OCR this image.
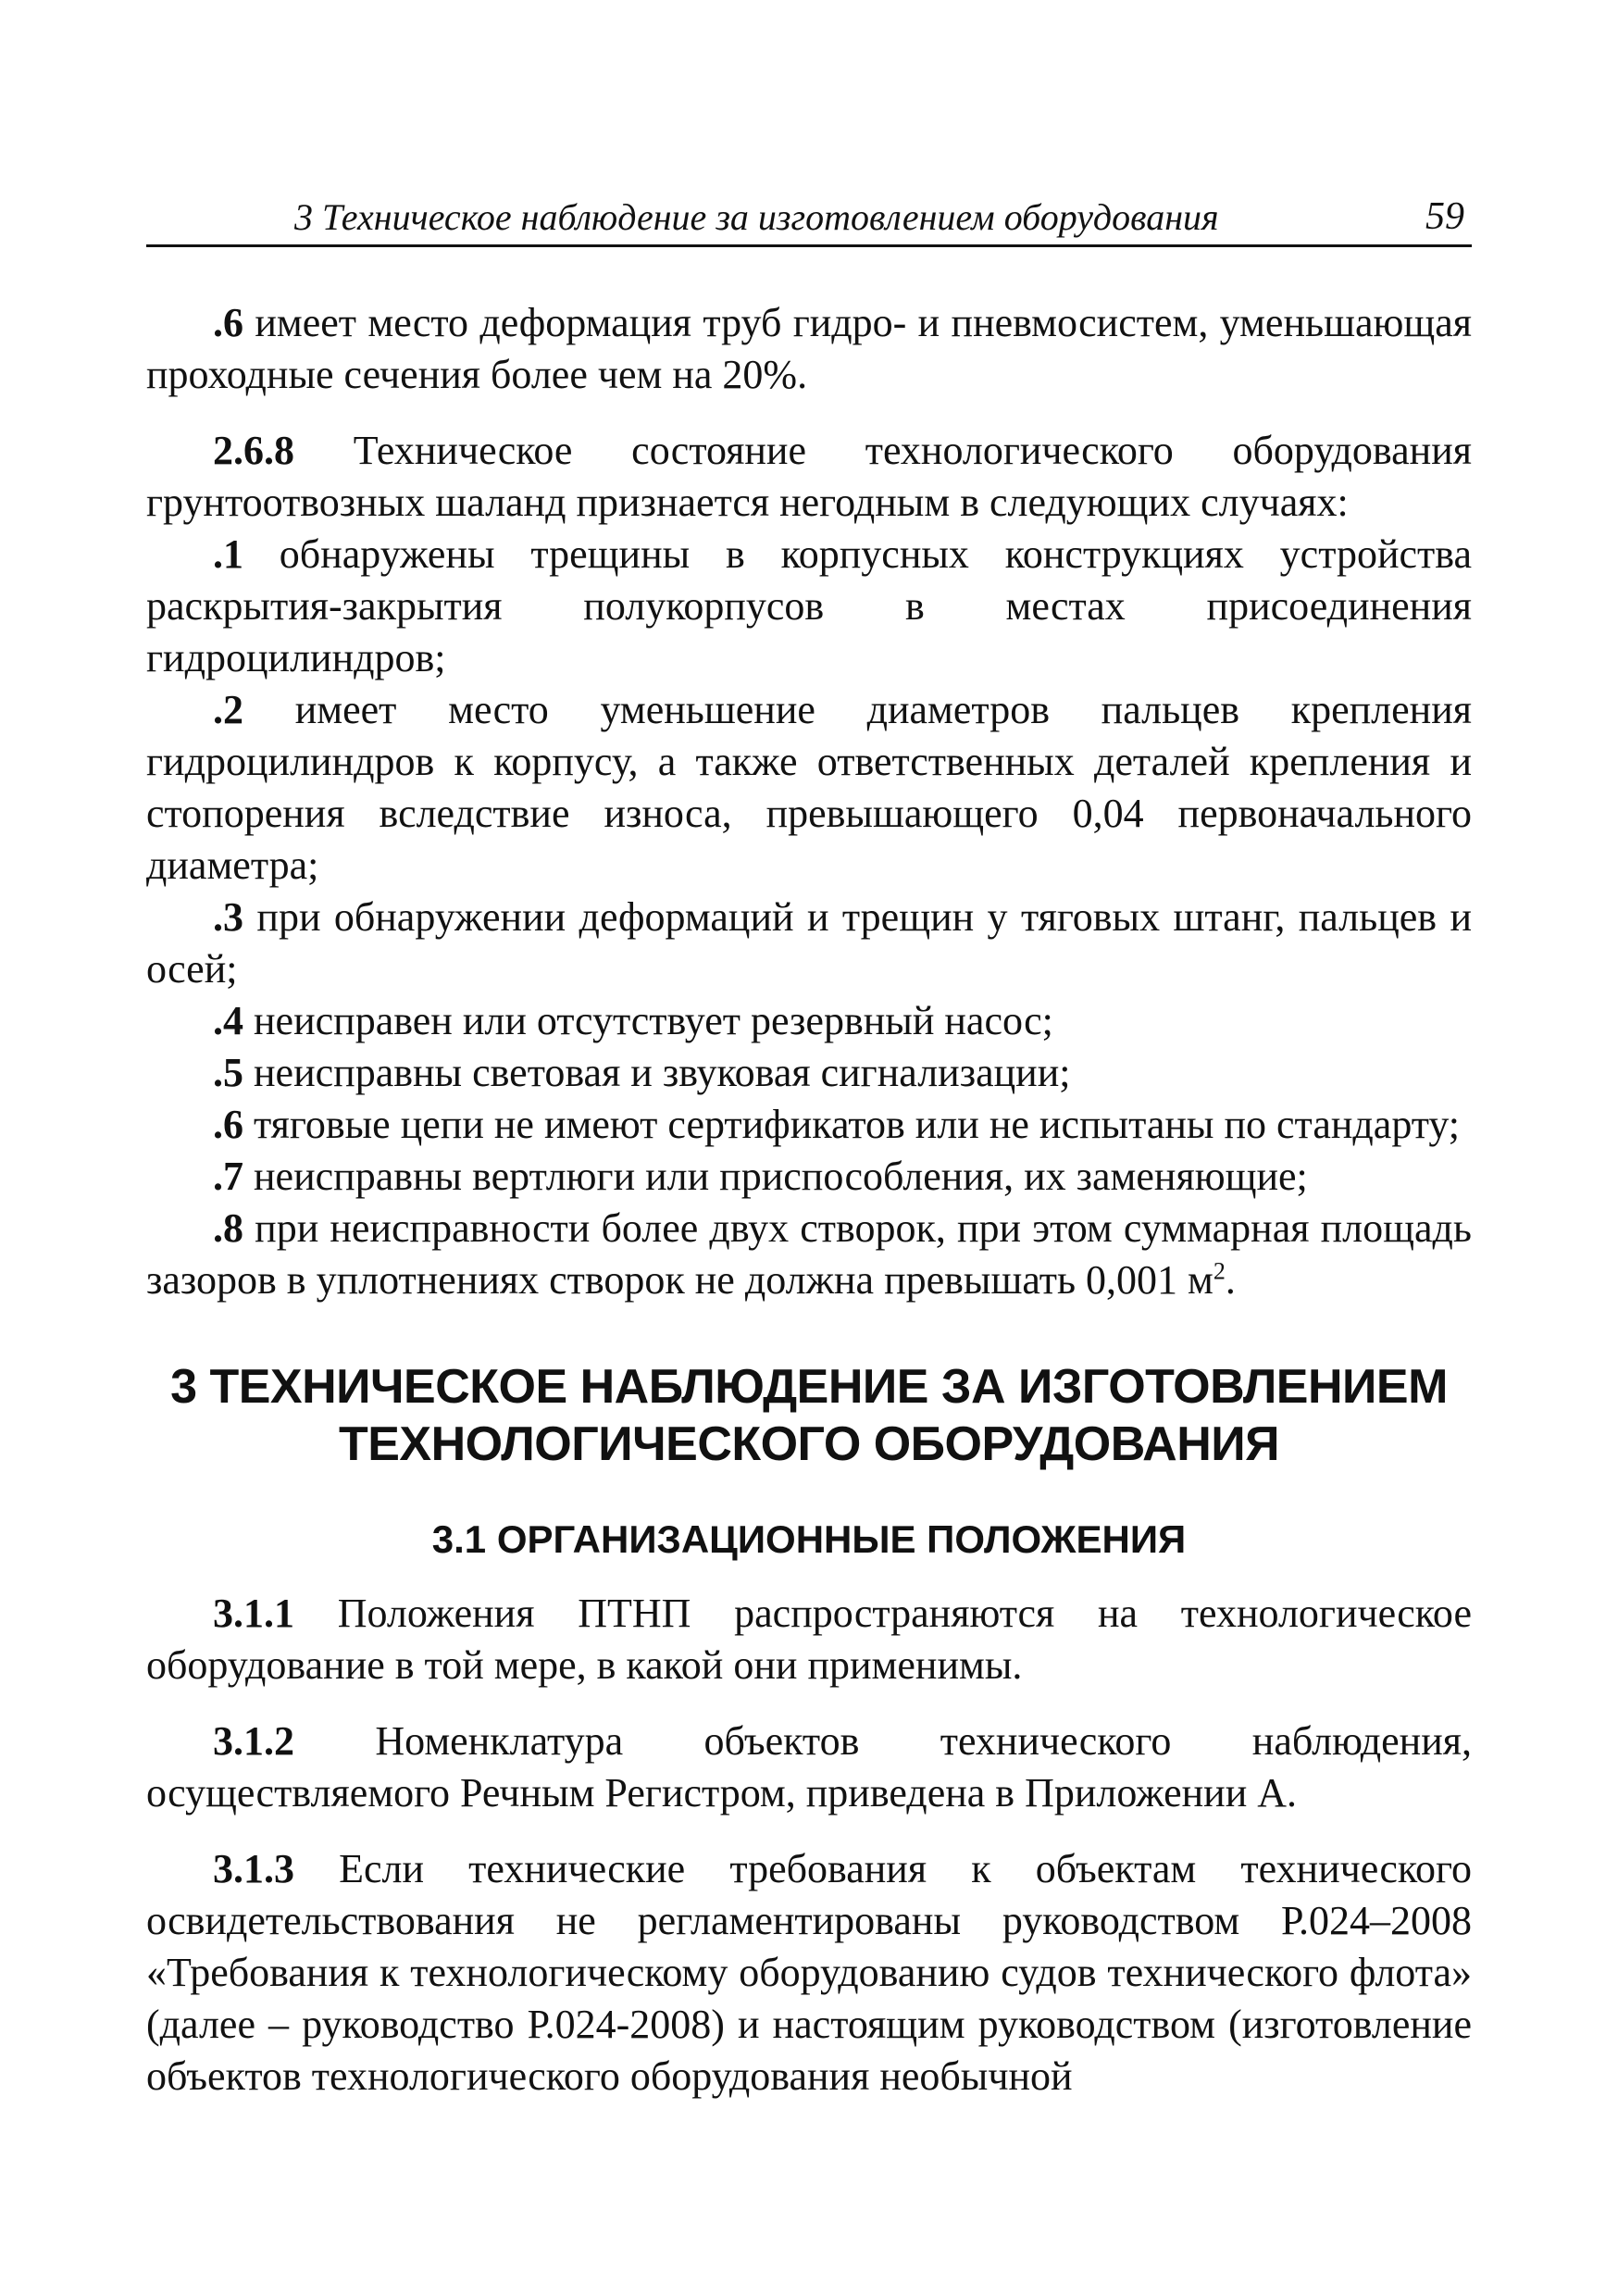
3 Техническое наблюдение за изготовлением оборудования	59

.6 имеет место деформация труб гидро- и пневмосистем, уменьшающая проходные сечения более чем на 20%.

2.6.8 Техническое состояние технологического оборудования грунтоотвозных шаланд признается негодным в следующих случаях:

.1 обнаружены трещины в корпусных конструкциях устройства раскрытия-закрытия полукорпусов в местах присоединения гидроцилиндров;

.2 имеет место уменьшение диаметров пальцев крепления гидроцилиндров к корпусу, а также ответственных деталей крепления и стопорения вследствие износа, превышающего 0,04 первоначального диаметра;

.3 при обнаружении деформаций и трещин у тяговых штанг, пальцев и осей;

.4 неисправен или отсутствует резервный насос;

.5 неисправны световая и звуковая сигнализации;

.6 тяговые цепи не имеют сертификатов или не испытаны по стандарту;

.7 неисправны вертлюги или приспособления, их заменяющие;

.8 при неисправности более двух створок, при этом суммарная площадь зазоров в уплотнениях створок не должна превышать 0,001 $м^2$.

3 ТЕХНИЧЕСКОЕ НАБЛЮДЕНИЕ ЗА ИЗГОТОВЛЕНИЕМ
ТЕХНОЛОГИЧЕСКОГО ОБОРУДОВАНИЯ
3.1 ОРГАНИЗАЦИОННЫЕ ПОЛОЖЕНИЯ

3.1.1 Положения ПТНП распространяются на технологическое оборудование в той мере, в какой они применимы.

3.1.2 Номенклатура объектов технического наблюдения, осуществляемого Речным Регистром, приведена в Приложении А.

3.1.3 Если технические требования к объектам технического освидетельствования не регламентированы руководством Р.024–2008 «Требования к технологическому оборудованию судов технического флота» (далее – руководство Р.024-2008) и настоящим руководством (изготовление объектов технологического оборудования необычной
